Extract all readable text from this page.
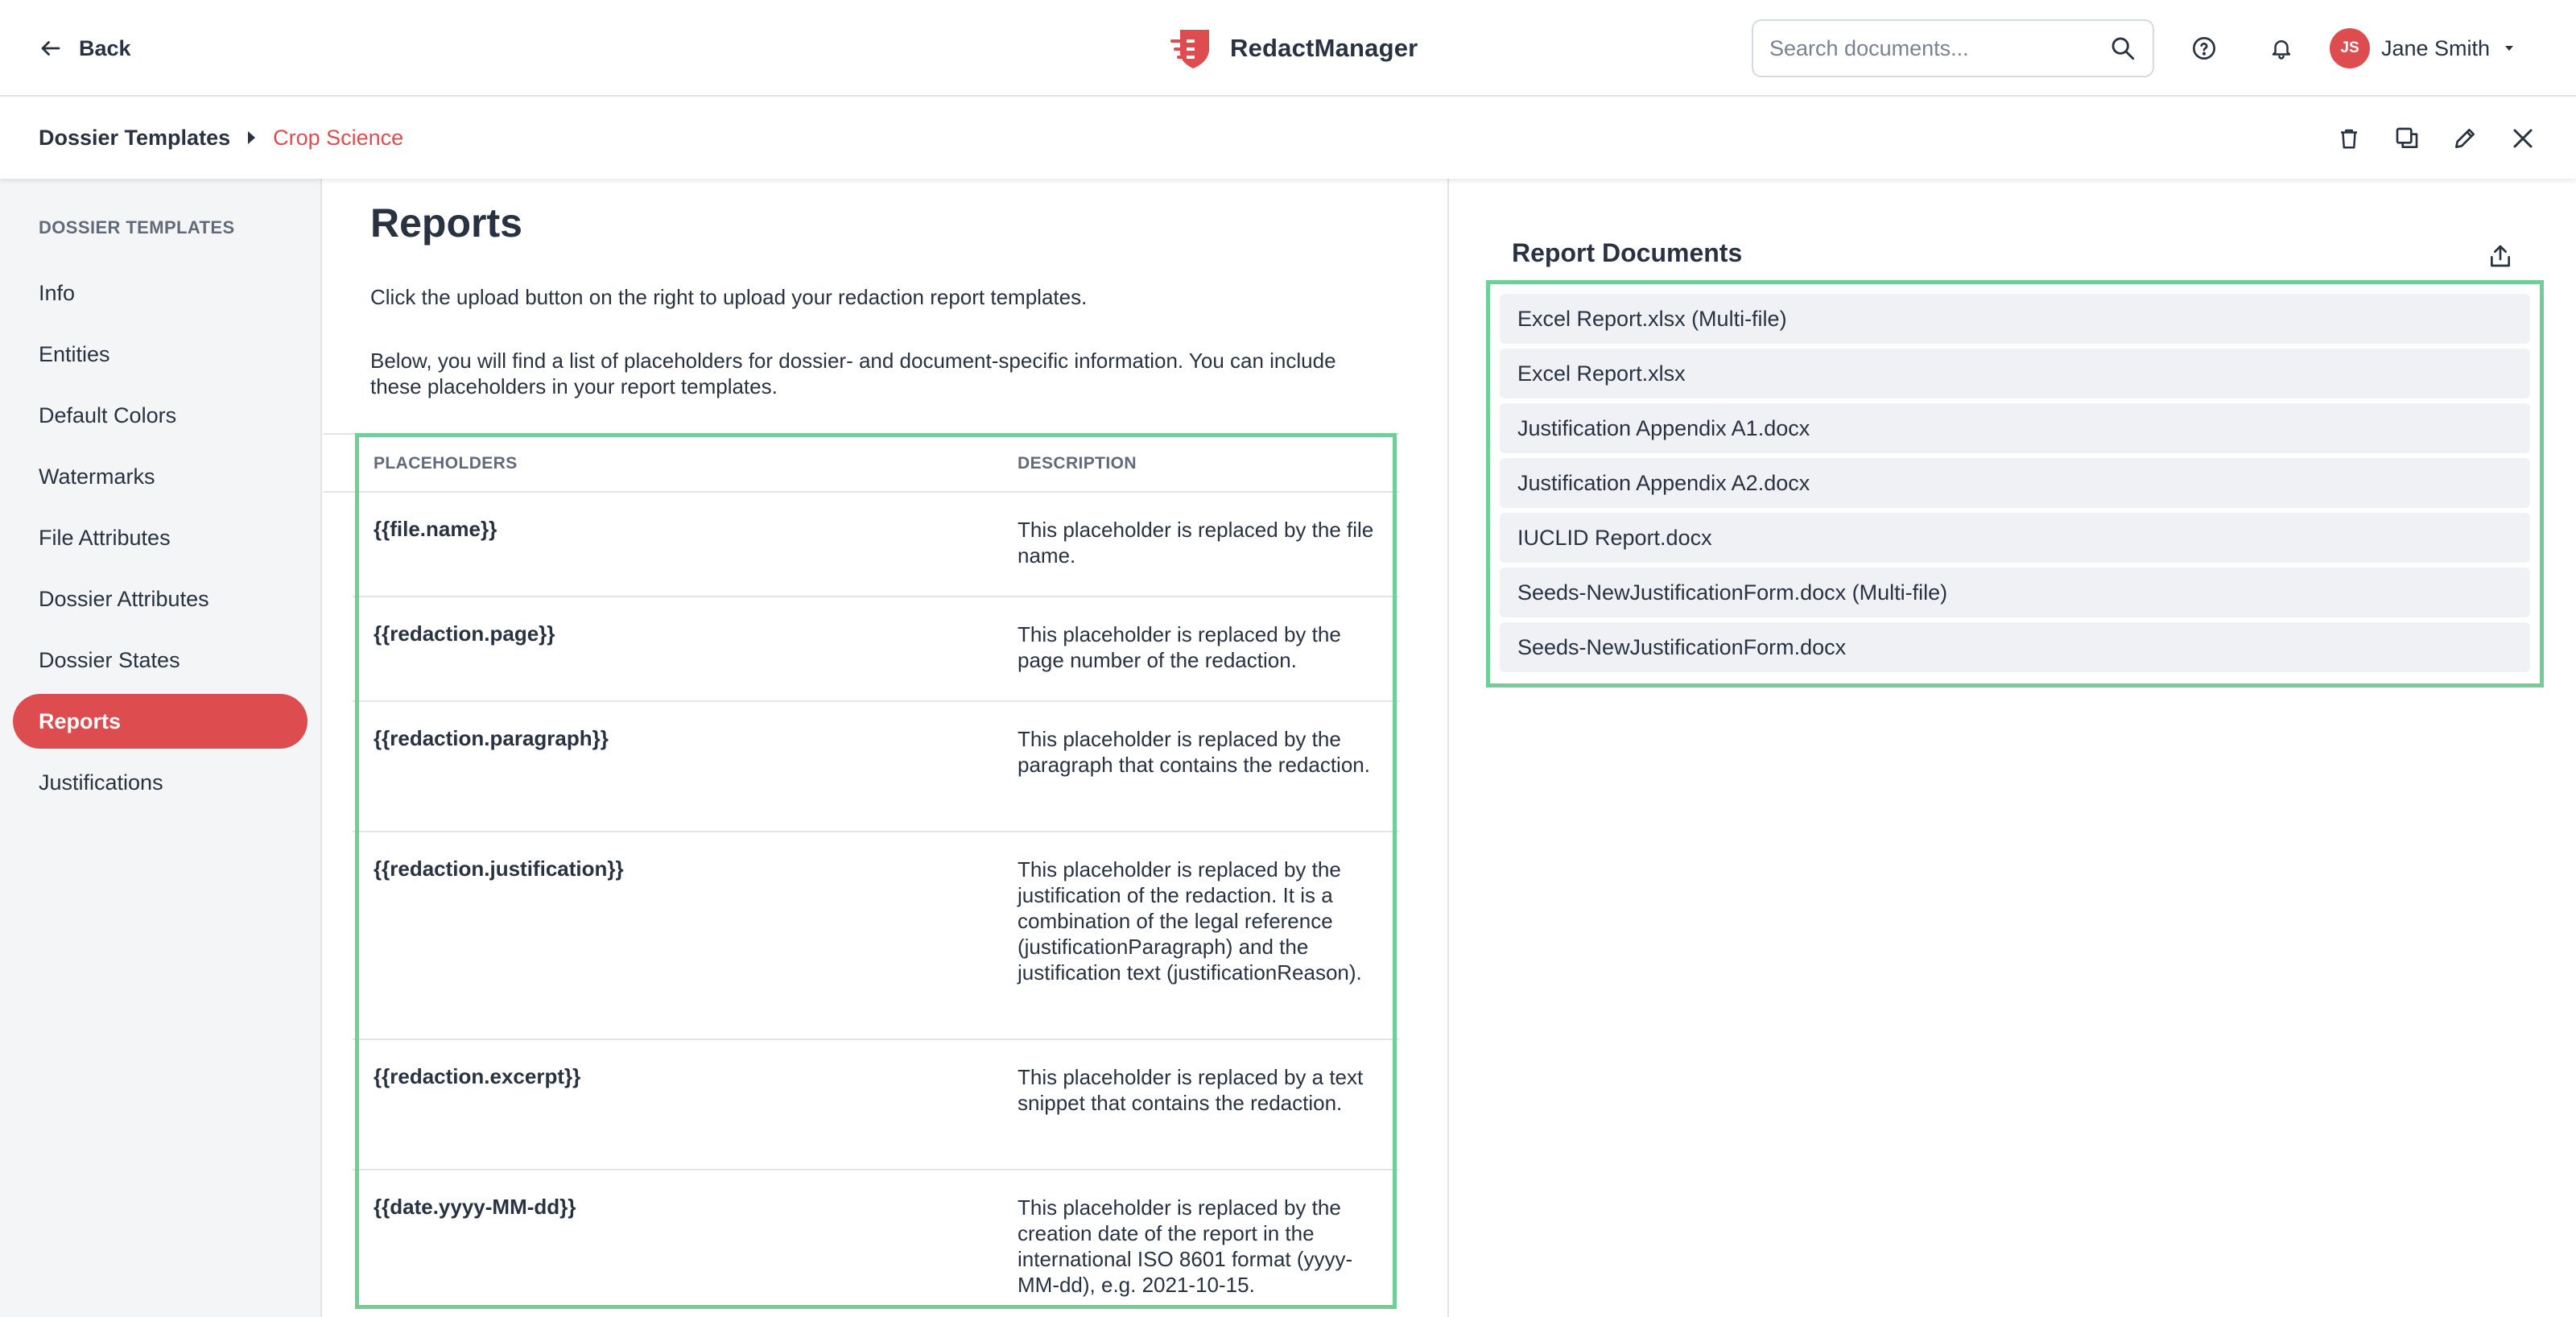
Back	RedactManager
Search documents...	JS	Jane Smith
Dossier Templates Crop Science
DOSSIER TEMPLATES
Info
Entities
Default Colors
Watermarks
File Attributes
Dossier Attributes
Dossier States
Reports
Justifications
Reports
Click the upload button on the right to upload your redaction report templates.
Below, you will find a list of placeholders for dossier- and document-specific information. You can include these placeholders in your report templates.
PLACEHOLDERS	DESCRIPTION
{{file.name}}	This placeholder is replaced by the file name.
{{redaction.page}}	This placeholder is replaced by the page number of the redaction.
{{redaction.paragraph}}	This placeholder is replaced by the paragraph that contains the redaction.
{{redaction.justification}}	This placeholder is replaced by the justification of the redaction. It is a combination of the legal reference (justificationParagraph) and the justification text (justificationReason).
{{redaction.excerpt}}	This placeholder is replaced by a text snippet that contains the redaction.
{{date.yyyy-MM-dd}}	This placeholder is replaced by the creation date of the report in the international ISO 8601 format (yyyy-MM-dd), e.g. 2021-10-15.
Report Documents
Excel Report.xlsx (Multi-file)
Excel Report.xlsx
Justification Appendix A1.docx
Justification Appendix A2.docx
IUCLID Report.docx
Seeds-NewJustificationForm.docx (Multi-file)
Seeds-NewJustificationForm.docx
